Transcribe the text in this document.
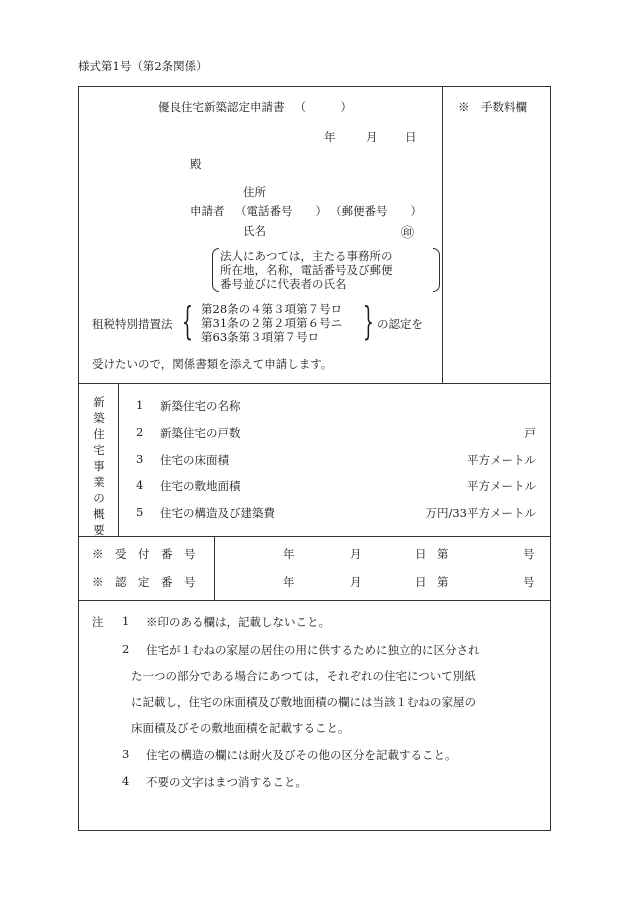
様式第1号（第2条関係）
優良住宅新築認定申請書 （　　　）
年	月 日
殿
※　手数料欄
住所
申請者 （電話番号　　） （郵便番号　　）
氏名	㊞
法人にあつては，主たる事務所の
所在地，名称，電話番号及び郵便
番号並びに代表者の氏名
租税特別措置法 { 第28条の４第３項第７号ロ
第31条の２第２項第６号ニ
第63条第３項第７号ロ	} の認定を
受けたいので，関係書類を添えて申請します。
新築住宅事業の概要
1 新築住宅の名称
2 新築住宅の戸数	戸
3 住宅の床面積	平方メートル
4 住宅の敷地面積	平方メートル
5 住宅の構造及び建築費	万円/33平方メートル
※　受　付　番　号	年	月	日 第	号
※　認　定　番　号	年	月	日 第	号
注 1 ※印のある欄は，記載しないこと。
2 住宅が１むねの家屋の居住の用に供するために独立的に区分され
た一つの部分である場合にあつては，それぞれの住宅について別紙
に記載し，住宅の床面積及び敷地面積の欄には当該１むねの家屋の
床面積及びその敷地面積を記載すること。
3 住宅の構造の欄には耐火及びその他の区分を記載すること。
4 不要の文字はまつ消すること。
